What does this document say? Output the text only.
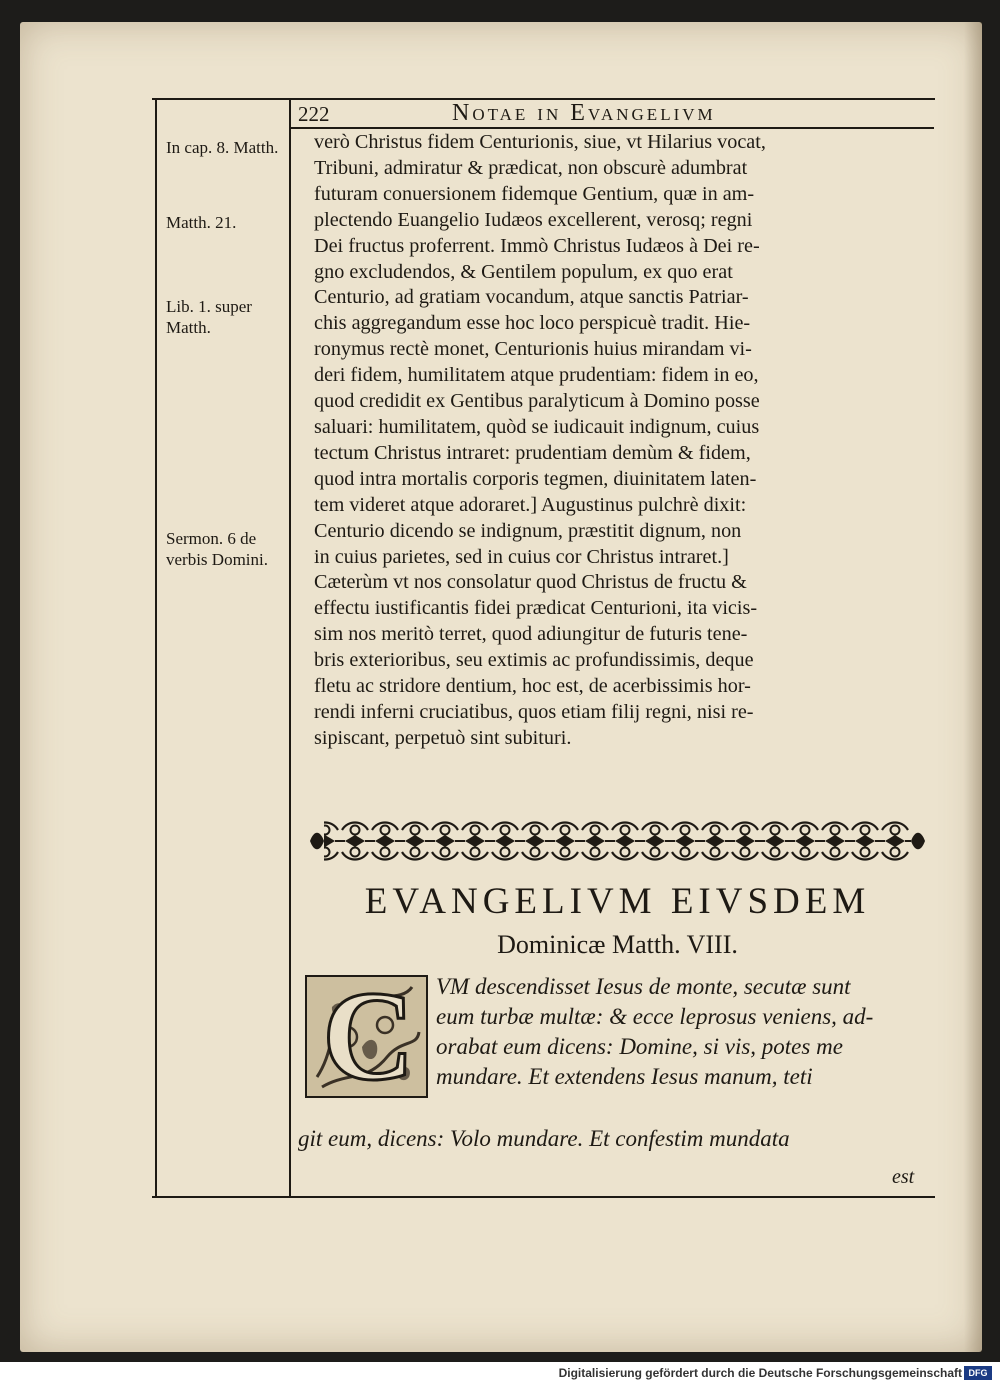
222	Notae in Evangelivm
In cap. 8. Matth.
Matth. 21.
Lib. 1. super Matth.
Sermon. 6 de verbis Domini.
verò Christus fidem Centurionis, siue, vt Hilarius vocat,
Tribuni, admiratur & prædicat, non obscurè adumbrat
futuram conuersionem fidemque Gentium, quæ in am-
plectendo Euangelio Iudæos excellerent, verosq; regni
Dei fructus proferrent. Immò Christus Iudæos à Dei re-
gno excludendos, & Gentilem populum, ex quo erat
Centurio, ad gratiam vocandum, atque sanctis Patriar-
chis aggregandum esse hoc loco perspicuè tradit. Hie-
ronymus rectè monet, Centurionis huius mirandam vi-
deri fidem, humilitatem atque prudentiam: fidem in eo,
quod credidit ex Gentibus paralyticum à Domino posse
saluari: humilitatem, quòd se iudicauit indignum, cuius
tectum Christus intraret: prudentiam demùm & fidem,
quod intra mortalis corporis tegmen, diuinitatem laten-
tem videret atque adoraret.] Augustinus pulchrè dixit:
Centurio dicendo se indignum, præstitit dignum, non
in cuius parietes, sed in cuius cor Christus intraret.]
Cæterùm vt nos consolatur quod Christus de fructu &
effectu iustificantis fidei prædicat Centurioni, ita vicis-
sim nos meritò terret, quod adiungitur de futuris tene-
bris exterioribus, seu extimis ac profundissimis, deque
fletu ac stridore dentium, hoc est, de acerbissimis hor-
rendi inferni cruciatibus, quos etiam filij regni, nisi re-
sipiscant, perpetuò sint subituri.
EVANGELIVM EIVSDEM
Dominicæ Matth. VIII.
C VM descendisset Iesus de monte, secutæ sunt
eum turbæ multæ: & ecce leprosus veniens, ad-
orabat eum dicens: Domine, si vis, potes me
mundare. Et extendens Iesus manum, teti
git eum, dicens: Volo mundare. Et confestim mundata
est
Digitalisierung gefördert durch die Deutsche Forschungsgemeinschaft DFG
